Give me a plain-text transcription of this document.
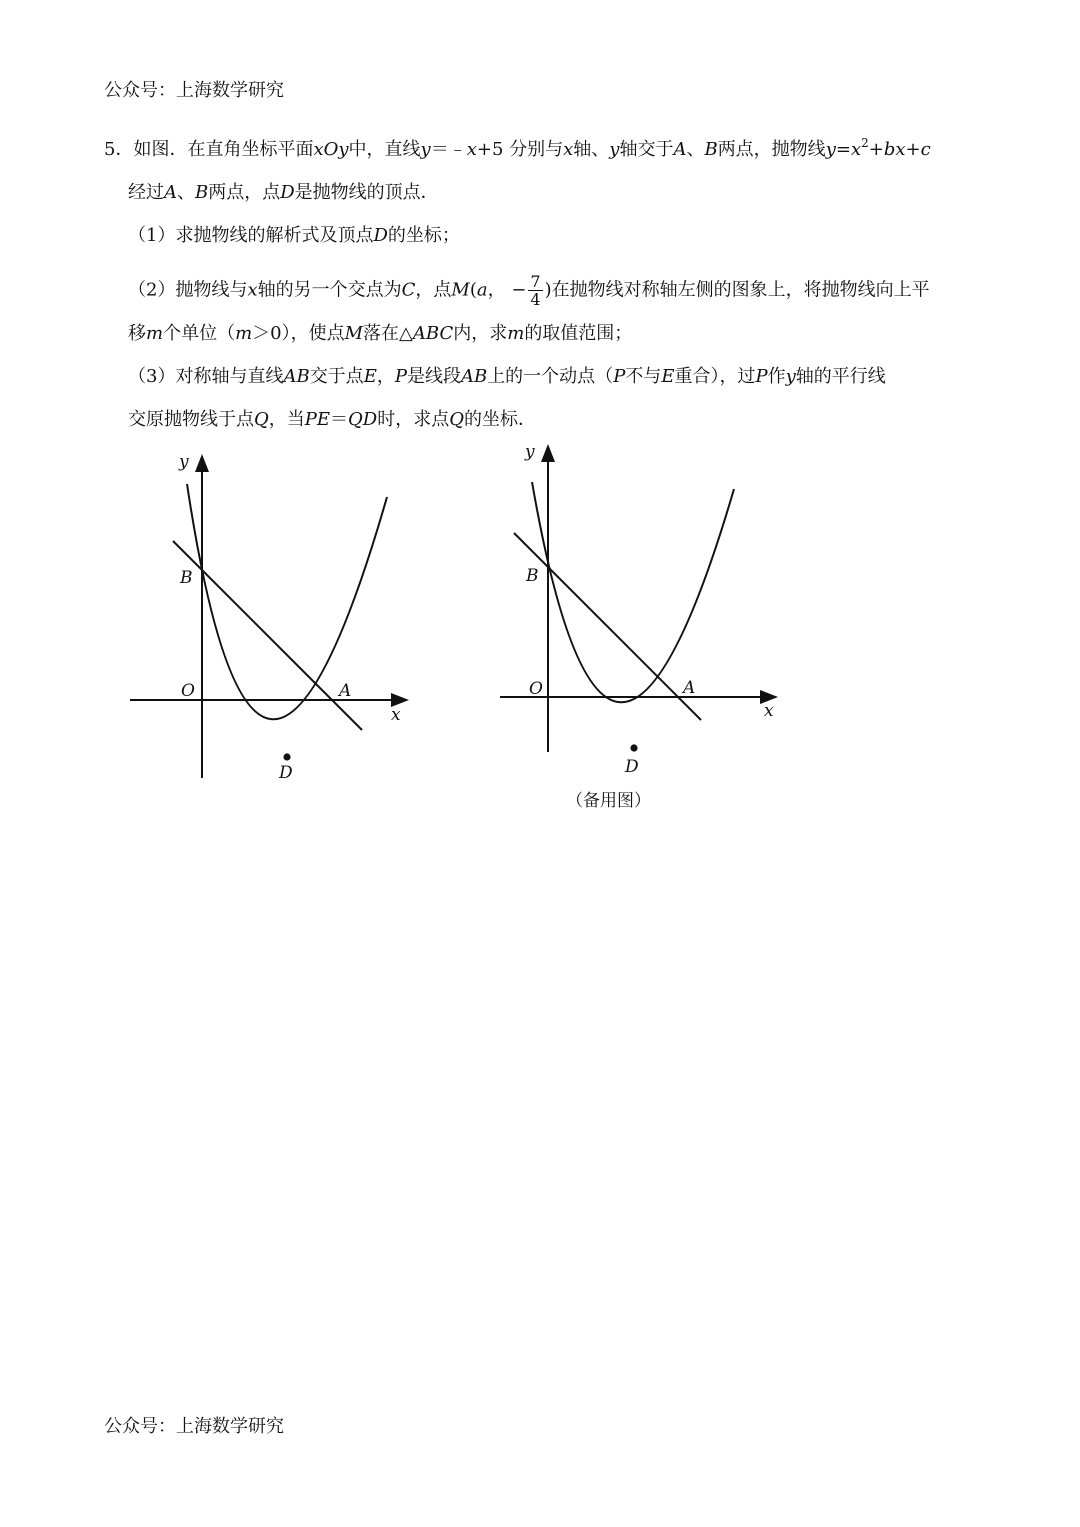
公众号：上海数学研究
5．如图．在直角坐标平面xOy中，直线y＝﹣x+5 分别与x轴、y轴交于A、B两点，抛物线$y=x^2+bx+c$
经过A、B两点，点D是抛物线的顶点．
（1）求抛物线的解析式及顶点D的坐标；
（2）抛物线与x轴的另一个交点为C，点M(a， − $\frac{7}{4}$ )在抛物线对称轴左侧的图象上，将抛物线向上平
移m个单位（m＞0），使点M落在△ABC内，求m的取值范围；
（3）对称轴与直线AB交于点E，P是线段AB上的一个动点（P不与E重合），过P作y轴的平行线
交原抛物线于点Q，当PE＝QD时，求点Q的坐标．
y
x
O
B
A
D
y
x
O
B
A
D
（备用图）
公众号：上海数学研究
